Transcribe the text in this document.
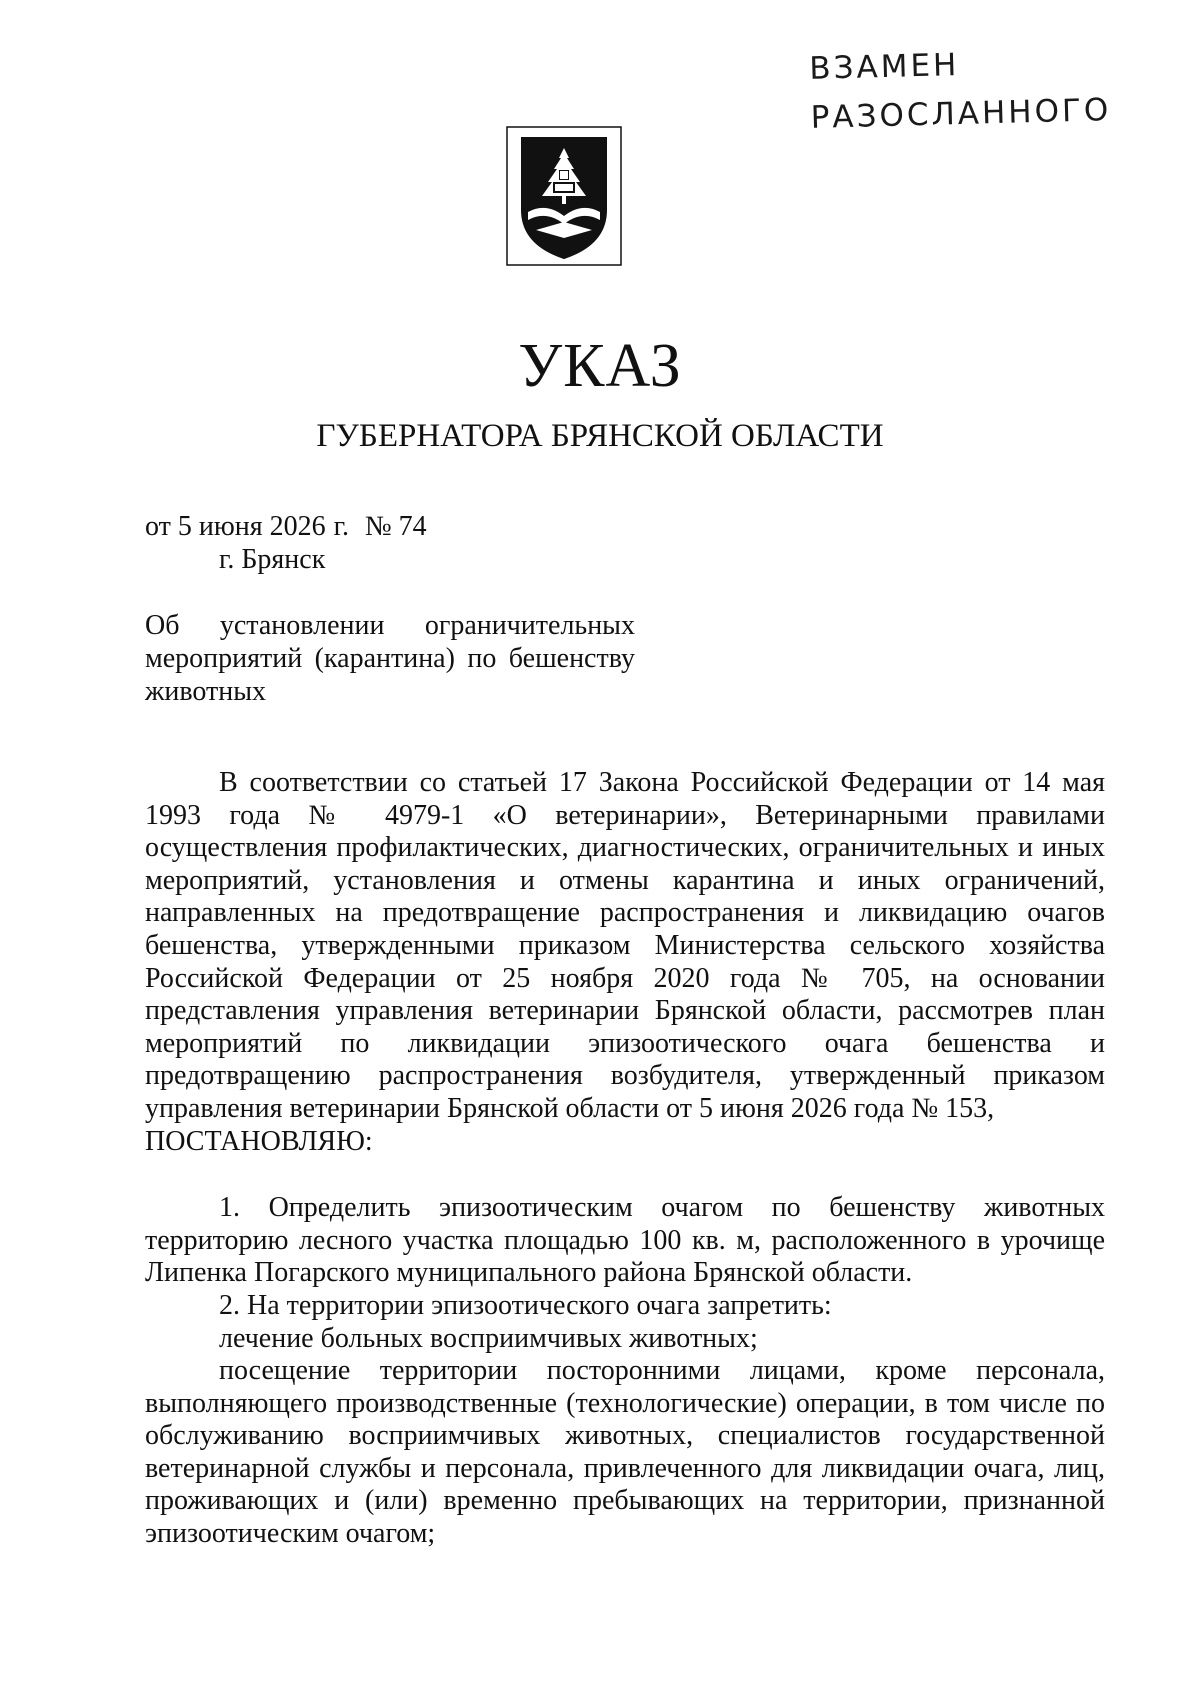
ВЗАМЕН
РАЗОСЛАННОГО
УКАЗ
ГУБЕРНАТОРА БРЯНСКОЙ ОБЛАСТИ
от 5 июня 2026 г. № 74
г. Брянск
Об установлении ограничительных мероприятий (карантина) по бешенству животных

В соответствии со статьей 17 Закона Российской Федерации от 14 мая 1993 года № 4979-1 «О ветеринарии», Ветеринарными правилами осуществления профилактических, диагностических, ограничительных и иных мероприятий, установления и отмены карантина и иных ограничений, направленных на предотвращение распространения и ликвидацию очагов бешенства, утвержденными приказом Министерства сельского хозяйства Российской Федерации от 25 ноября 2020 года № 705, на основании представления управления ветеринарии Брянской области, рассмотрев план мероприятий по ликвидации эпизоотического очага бешенства и предотвращению распространения возбудителя, утвержденный приказом управления ветеринарии Брянской области от 5 июня 2026 года № 153,

ПОСТАНОВЛЯЮ:

1. Определить эпизоотическим очагом по бешенству животных территорию лесного участка площадью 100 кв. м, расположенного в урочище Липенка Погарского муниципального района Брянской области.

2. На территории эпизоотического очага запретить:

лечение больных восприимчивых животных;

посещение территории посторонними лицами, кроме персонала, выполняющего производственные (технологические) операции, в том числе по обслуживанию восприимчивых животных, специалистов государственной ветеринарной службы и персонала, привлеченного для ликвидации очага, лиц, проживающих и (или) временно пребывающих на территории, признанной эпизоотическим очагом;
